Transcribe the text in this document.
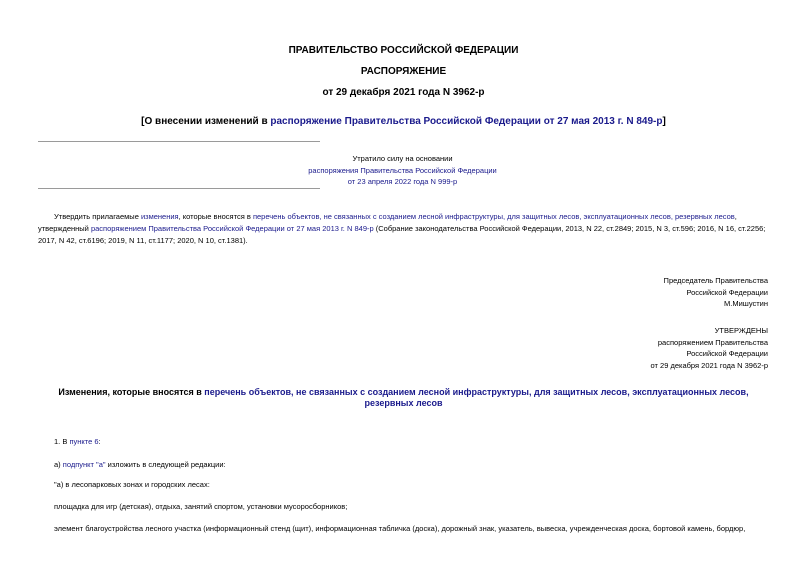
ПРАВИТЕЛЬСТВО РОССИЙСКОЙ ФЕДЕРАЦИИ
РАСПОРЯЖЕНИЕ
от 29 декабря 2021 года N 3962-р
[О внесении изменений в распоряжение Правительства Российской Федерации от 27 мая 2013 г. N 849-р]
Утратило силу на основании
распоряжения Правительства Российской Федерации
от 23 апреля 2022 года N 999-р
Утвердить прилагаемые изменения, которые вносятся в перечень объектов, не связанных с созданием лесной инфраструктуры, для защитных лесов, эксплуатационных лесов, резервных лесов, утвержденный распоряжением Правительства Российской Федерации от 27 мая 2013 г. N 849-р (Собрание законодательства Российской Федерации, 2013, N 22, ст.2849; 2015, N 3, ст.596; 2016, N 16, ст.2256; 2017, N 42, ст.6196; 2019, N 11, ст.1177; 2020, N 10, ст.1381).
Председатель Правительства
Российской Федерации
М.Мишустин
УТВЕРЖДЕНЫ
распоряжением Правительства
Российской Федерации
от 29 декабря 2021 года N 3962-р
Изменения, которые вносятся в перечень объектов, не связанных с созданием лесной инфраструктуры, для защитных лесов, эксплуатационных лесов, резервных лесов
1. В пункте 6:
а) подпункт "а" изложить в следующей редакции:
"а) в лесопарковых зонах и городских лесах:
площадка для игр (детская), отдыха, занятий спортом, установки мусоросборников;
элемент благоустройства лесного участка (информационный стенд (щит), информационная табличка (доска), дорожный знак, указатель, вывеска, учрежденческая доска, бортовой камень, бордюр,
